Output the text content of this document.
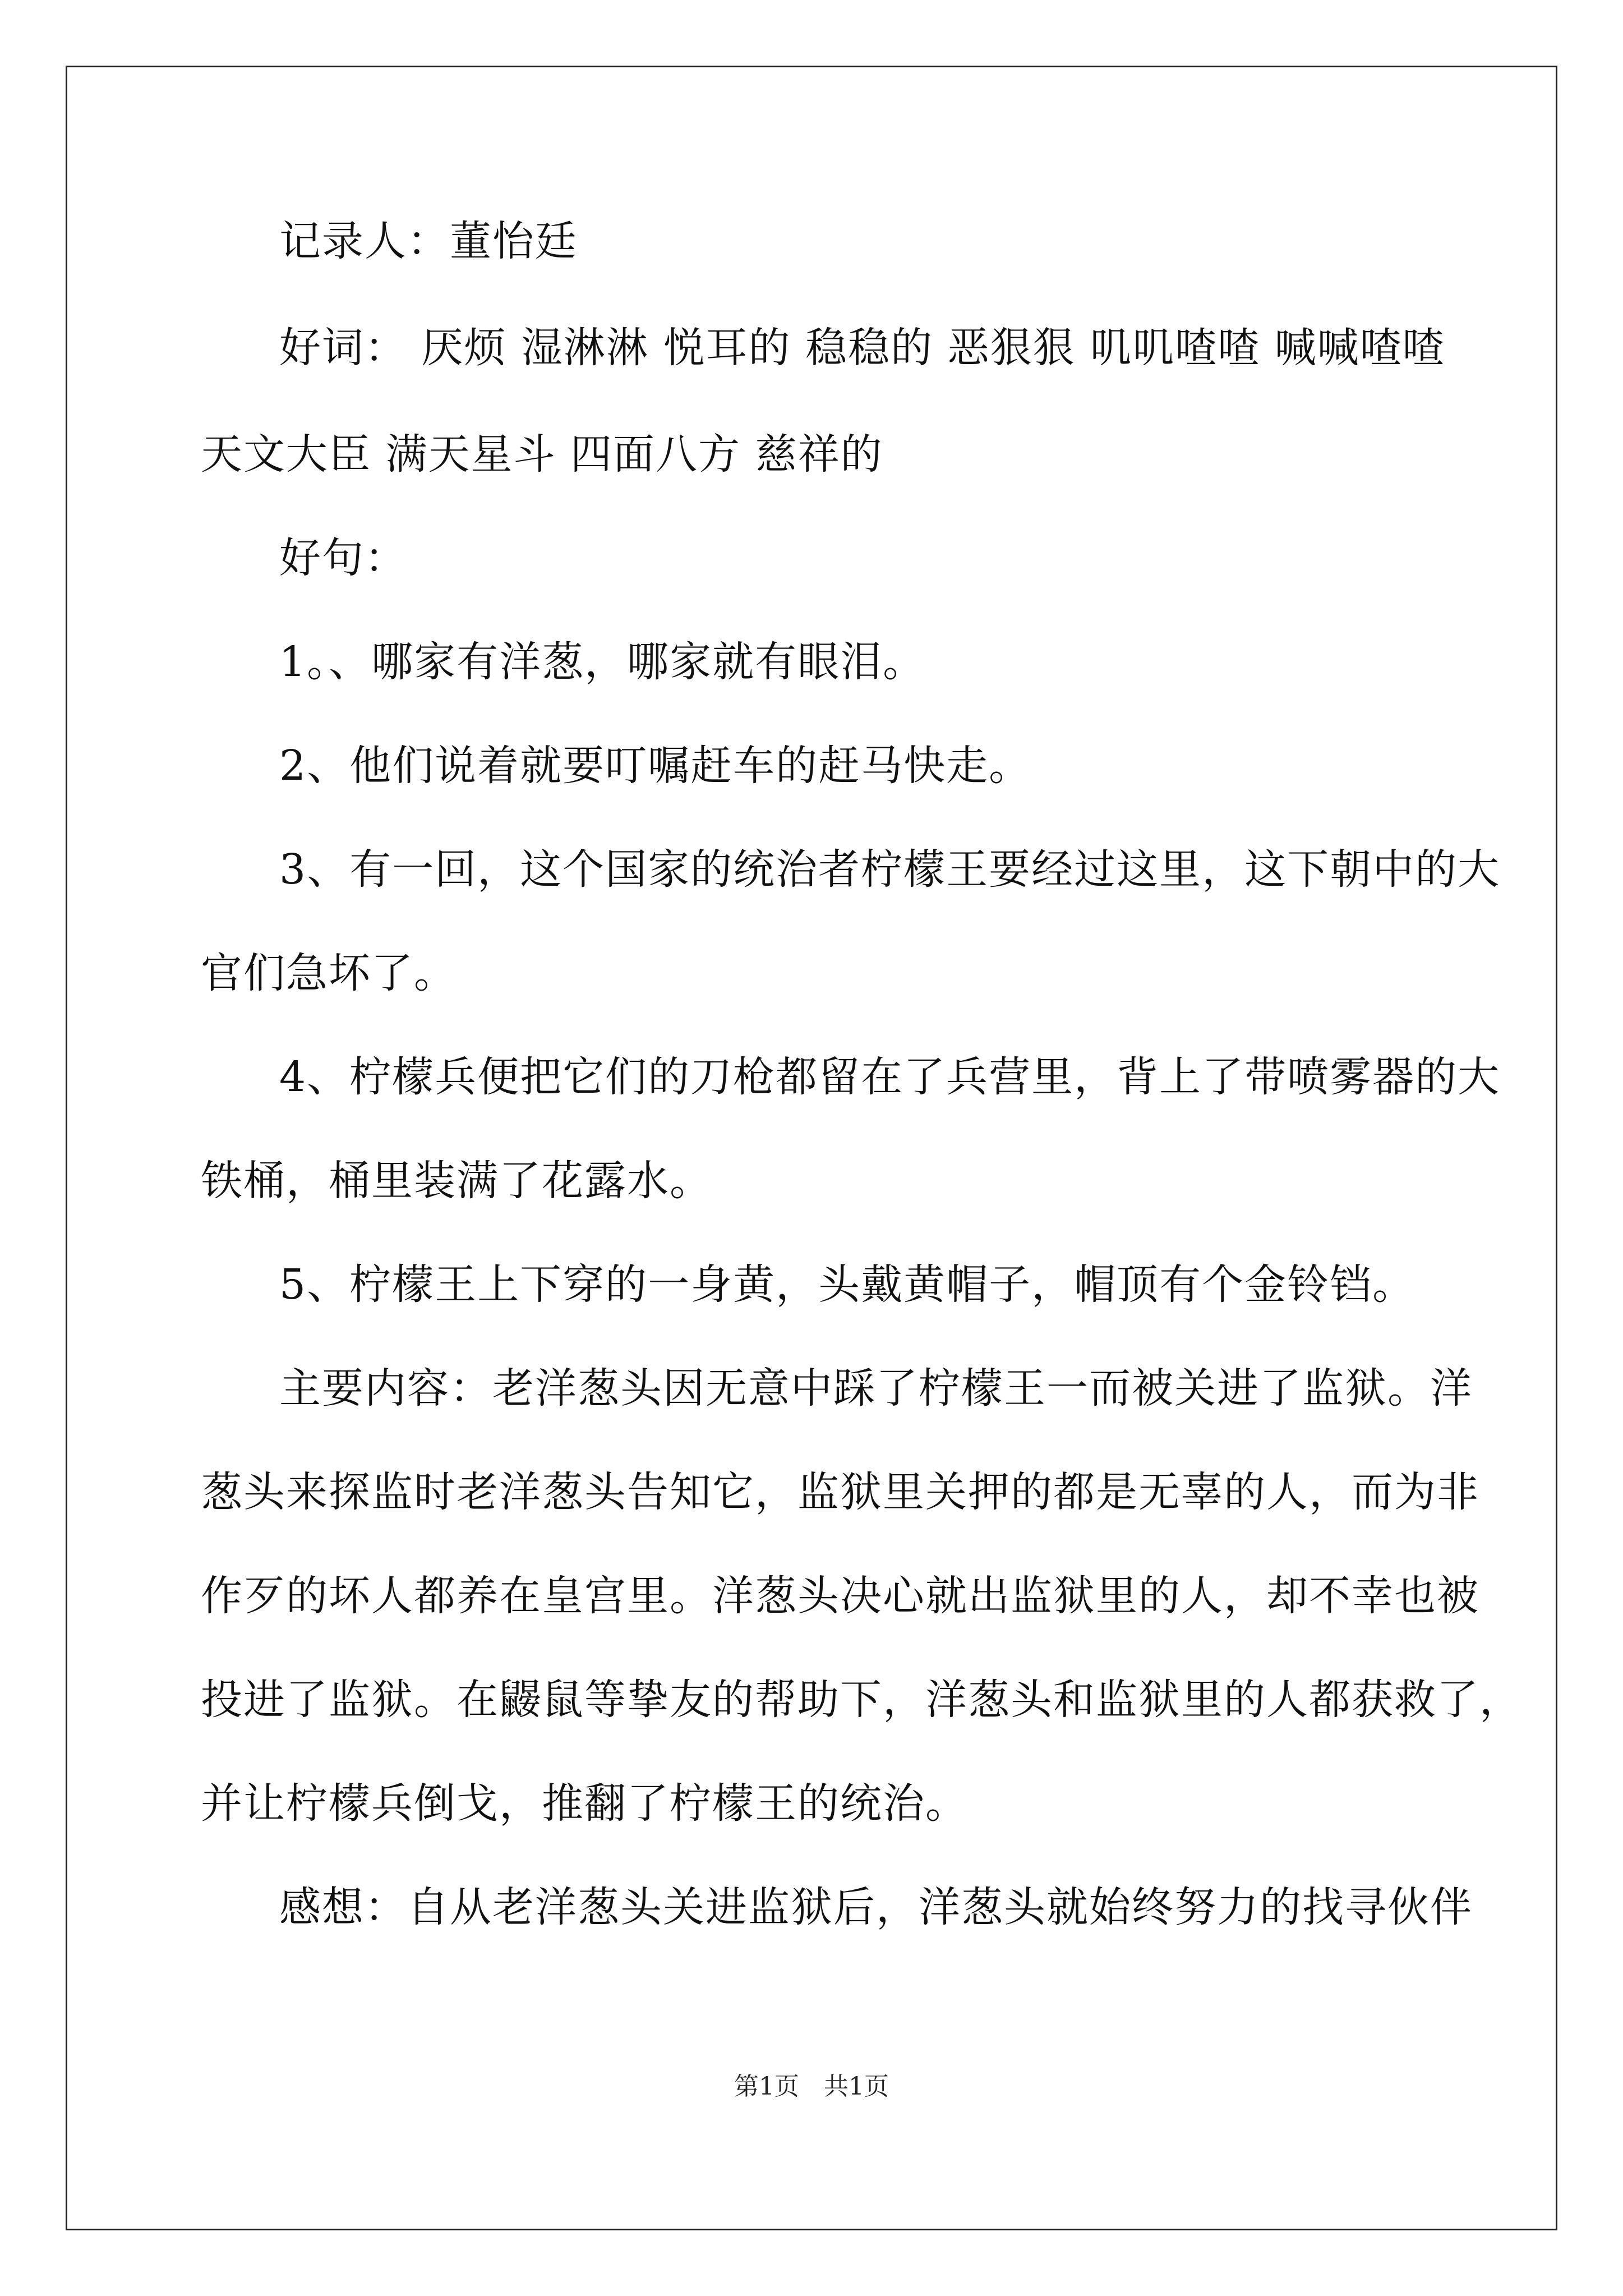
记录人：董怡廷
好词： 厌烦 湿淋淋 悦耳的 稳稳的 恶狠狠 叽叽喳喳 喊喊喳喳
天文大臣 满天星斗 四面八方 慈祥的
好句：
1。、哪家有洋葱，哪家就有眼泪。
2、他们说着就要叮嘱赶车的赶马快走。
3、有一回，这个国家的统治者柠檬王要经过这里，这下朝中的大
官们急坏了。
4、柠檬兵便把它们的刀枪都留在了兵营里，背上了带喷雾器的大
铁桶，桶里装满了花露水。
5、柠檬王上下穿的一身黄，头戴黄帽子，帽顶有个金铃铛。
主要内容：老洋葱头因无意中踩了柠檬王一而被关进了监狱。洋
葱头来探监时老洋葱头告知它，监狱里关押的都是无辜的人，而为非
作歹的坏人都养在皇宫里。洋葱头决心就出监狱里的人，却不幸也被
投进了监狱。在鼹鼠等挚友的帮助下，洋葱头和监狱里的人都获救了，
并让柠檬兵倒戈，推翻了柠檬王的统治。
感想：自从老洋葱头关进监狱后，洋葱头就始终努力的找寻伙伴
第1页　共1页
